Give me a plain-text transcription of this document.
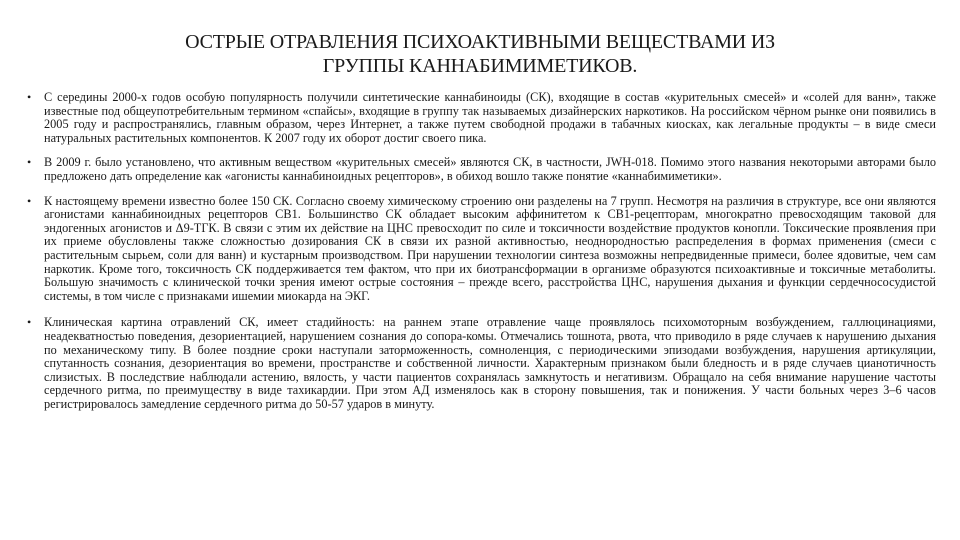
ОСТРЫЕ ОТРАВЛЕНИЯ ПСИХОАКТИВНЫМИ ВЕЩЕСТВАМИ ИЗ
ГРУППЫ КАННАБИМИМЕТИКОВ.
• С середины 2000-х годов особую популярность получили синтетические каннабиноиды (СК), входящие в состав «курительных смесей» и «солей для ванн», также известные под общеупотребительным термином «спайсы», входящие в группу так называемых дизайнерских наркотиков. На российском чёрном рынке они появились в 2005 году и распространялись, главным образом, через Интернет, а также путем свободной продажи в табачных киосках, как легальные продукты – в виде смеси натуральных растительных компонентов. К 2007 году их оборот достиг своего пика.
• В 2009 г. было установлено, что активным веществом «курительных смесей» являются СК, в частности, JWH-018. Помимо этого названия некоторыми авторами было предложено дать определение как «агонисты каннабиноидных рецепторов», в обиход вошло также понятие «каннабимиметики».
• К настоящему времени известно более 150 СК. Согласно своему химическому строению они разделены на 7 групп. Несмотря на различия в структуре, все они являются агонистами каннабиноидных рецепторов СВ1. Большинство СК обладает высоким аффинитетом к СВ1-рецепторам, многократно превосходящим таковой для эндогенных агонистов и Δ9-ТГК. В связи с этим их действие на ЦНС превосходит по силе и токсичности воздействие продуктов конопли. Токсические проявления при их приеме обусловлены также сложностью дозирования СК в связи их разной активностью, неоднородностью распределения в формах применения (смеси с растительным сырьем, соли для ванн) и кустарным производством. При нарушении технологии синтеза возможны непредвиденные примеси, более ядовитые, чем сам наркотик. Кроме того, токсичность СК поддерживается тем фактом, что при их биотрансформации в организме образуются психоактивные и токсичные метаболиты. Большую значимость с клинической точки зрения имеют острые состояния – прежде всего, расстройства ЦНС, нарушения дыхания и функции сердечнососудистой системы, в том числе с признаками ишемии миокарда на ЭКГ.
• Клиническая картина отравлений СК, имеет стадийность: на раннем этапе отравление чаще проявлялось психомоторным возбуждением, галлюцинациями, неадекватностью поведения, дезориентацией, нарушением сознания до сопора-комы. Отмечались тошнота, рвота, что приводило в ряде случаев к нарушению дыхания по механическому типу. В более поздние сроки наступали заторможенность, сомноленция, с периодическими эпизодами возбуждения, нарушения артикуляции, спутанность сознания, дезориентация во времени, пространстве и собственной личности. Характерным признаком были бледность и в ряде случаев цианотичность слизистых. В последствие наблюдали астению, вялость, у части пациентов сохранялась замкнутость и негативизм. Обращало на себя внимание нарушение частоты сердечного ритма, по преимуществу в виде тахикардии. При этом АД изменялось как в сторону повышения, так и понижения. У части больных через 3–6 часов регистрировалось замедление сердечного ритма до 50-57 ударов в минуту.
